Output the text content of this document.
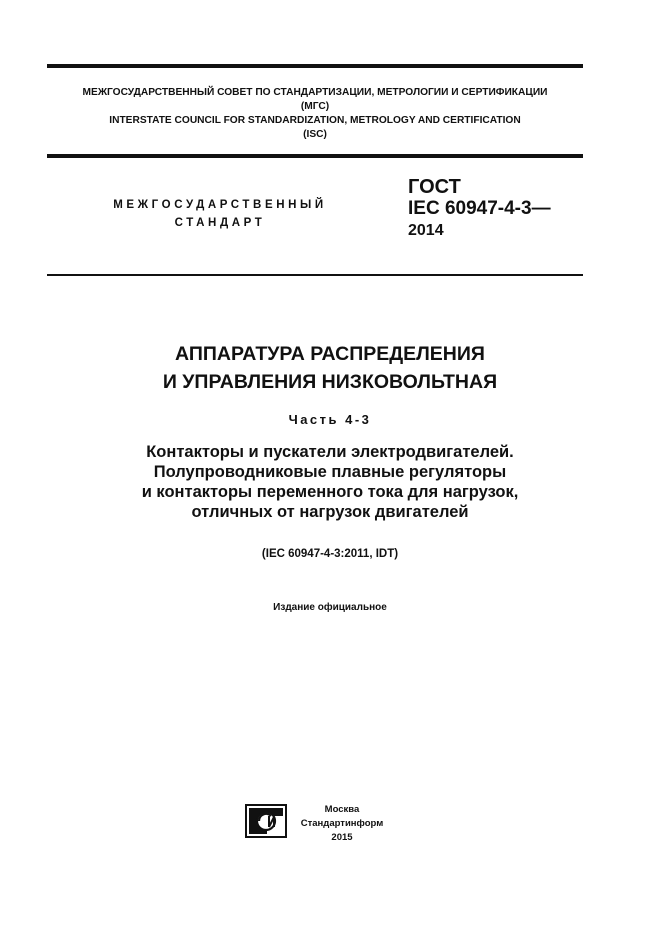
МЕЖГОСУДАРСТВЕННЫЙ СОВЕТ ПО СТАНДАРТИЗАЦИИ, МЕТРОЛОГИИ И СЕРТИФИКАЦИИ
(МГС)
INTERSTATE COUNCIL FOR STANDARDIZATION, METROLOGY AND CERTIFICATION
(ISC)
МЕЖГОСУДАРСТВЕННЫЙ
СТАНДАРТ
ГОСТ
IEC 60947-4-3—
2014
АППАРАТУРА РАСПРЕДЕЛЕНИЯ
И УПРАВЛЕНИЯ НИЗКОВОЛЬТНАЯ
Часть 4-3
Контакторы и пускатели электродвигателей.
Полупроводниковые плавные регуляторы
и контакторы переменного тока для нагрузок,
отличных от нагрузок двигателей
(IEC 60947-4-3:2011, IDT)
Издание официальное
Москва
Стандартинформ
2015
